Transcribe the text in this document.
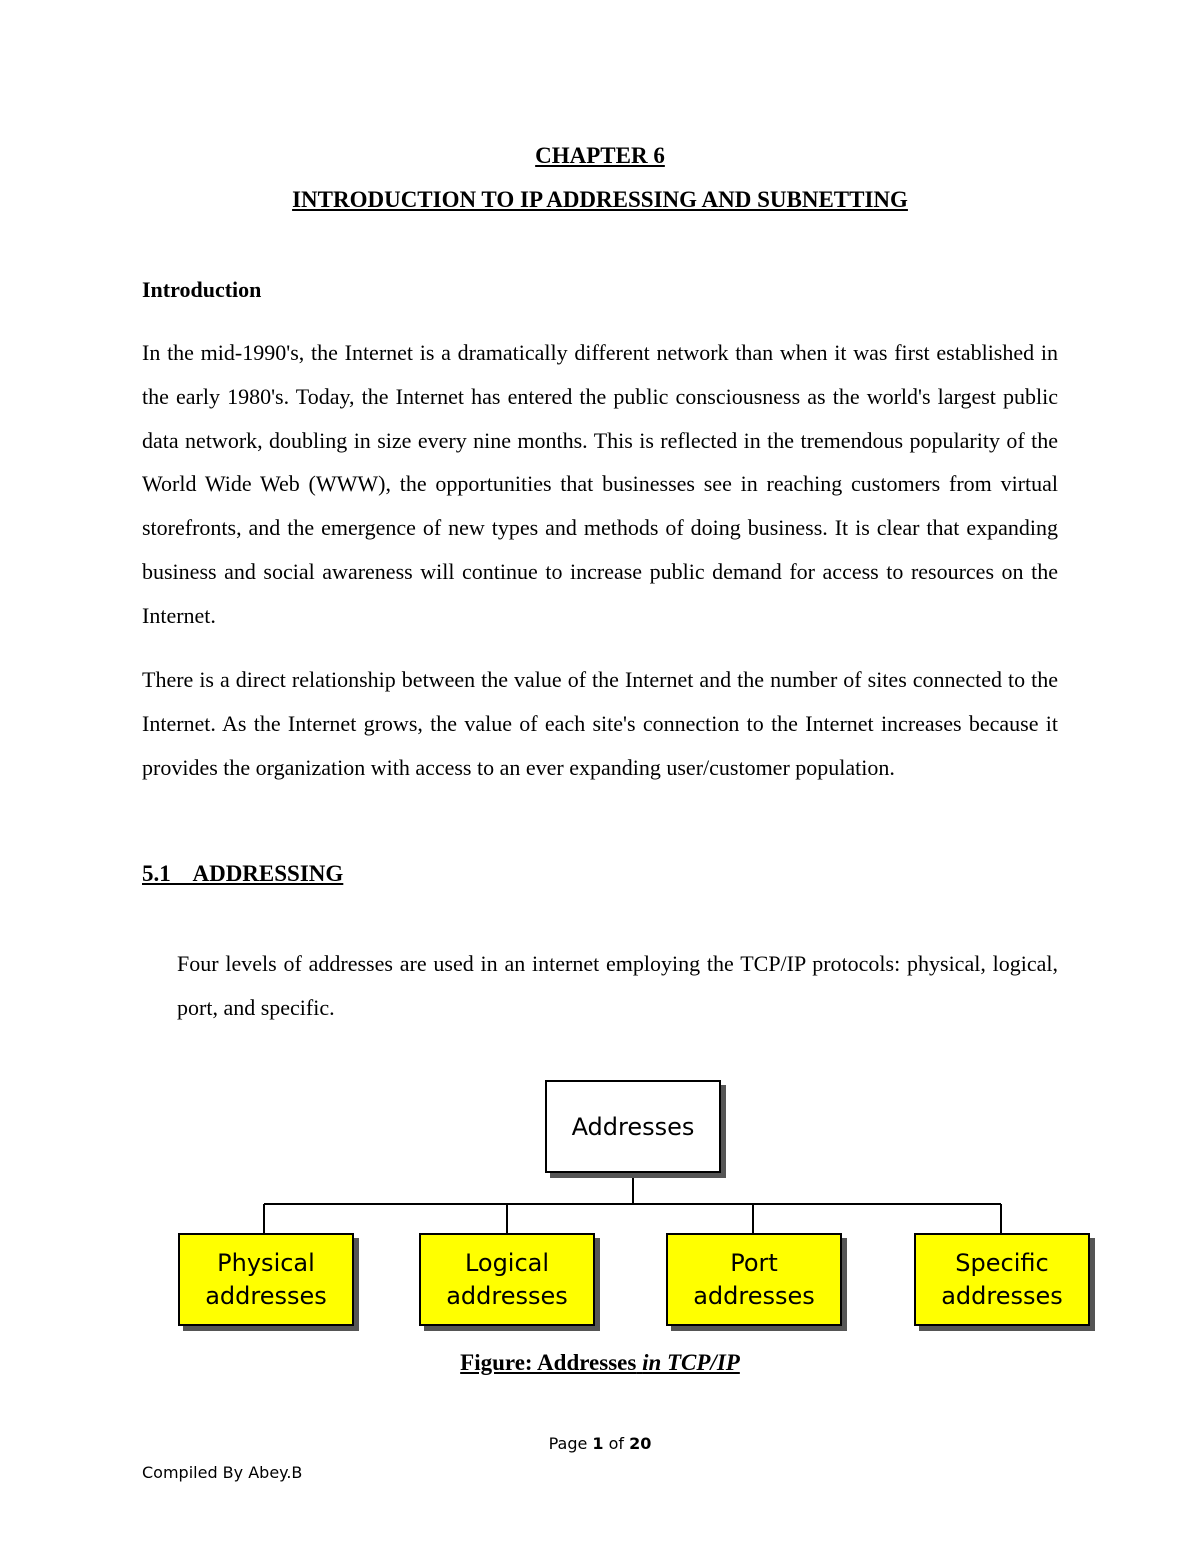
CHAPTER 6
INTRODUCTION TO IP ADDRESSING AND SUBNETTING
Introduction

In the mid-1990's, the Internet is a dramatically different network than when it was first established in the early 1980's. Today, the Internet has entered the public consciousness as the world's largest public data network, doubling in size every nine months. This is reflected in the tremendous popularity of the World Wide Web (WWW), the opportunities that businesses see in reaching customers from virtual storefronts, and the emergence of new types and methods of doing business. It is clear that expanding business and social awareness will continue to increase public demand for access to resources on the Internet.

There is a direct relationship between the value of the Internet and the number of sites connected to the Internet. As the Internet grows, the value of each site's connection to the Internet increases because it provides the organization with access to an ever expanding user/customer population.

5.1    ADDRESSING

Four levels of addresses are used in an internet employing the TCP/IP protocols: physical, logical, port, and specific.

Addresses
Physical
addresses
Logical
addresses
Port
addresses
Specific
addresses
Figure: Addresses in TCP/IP
Page 1 of 20
Compiled By Abey.B
